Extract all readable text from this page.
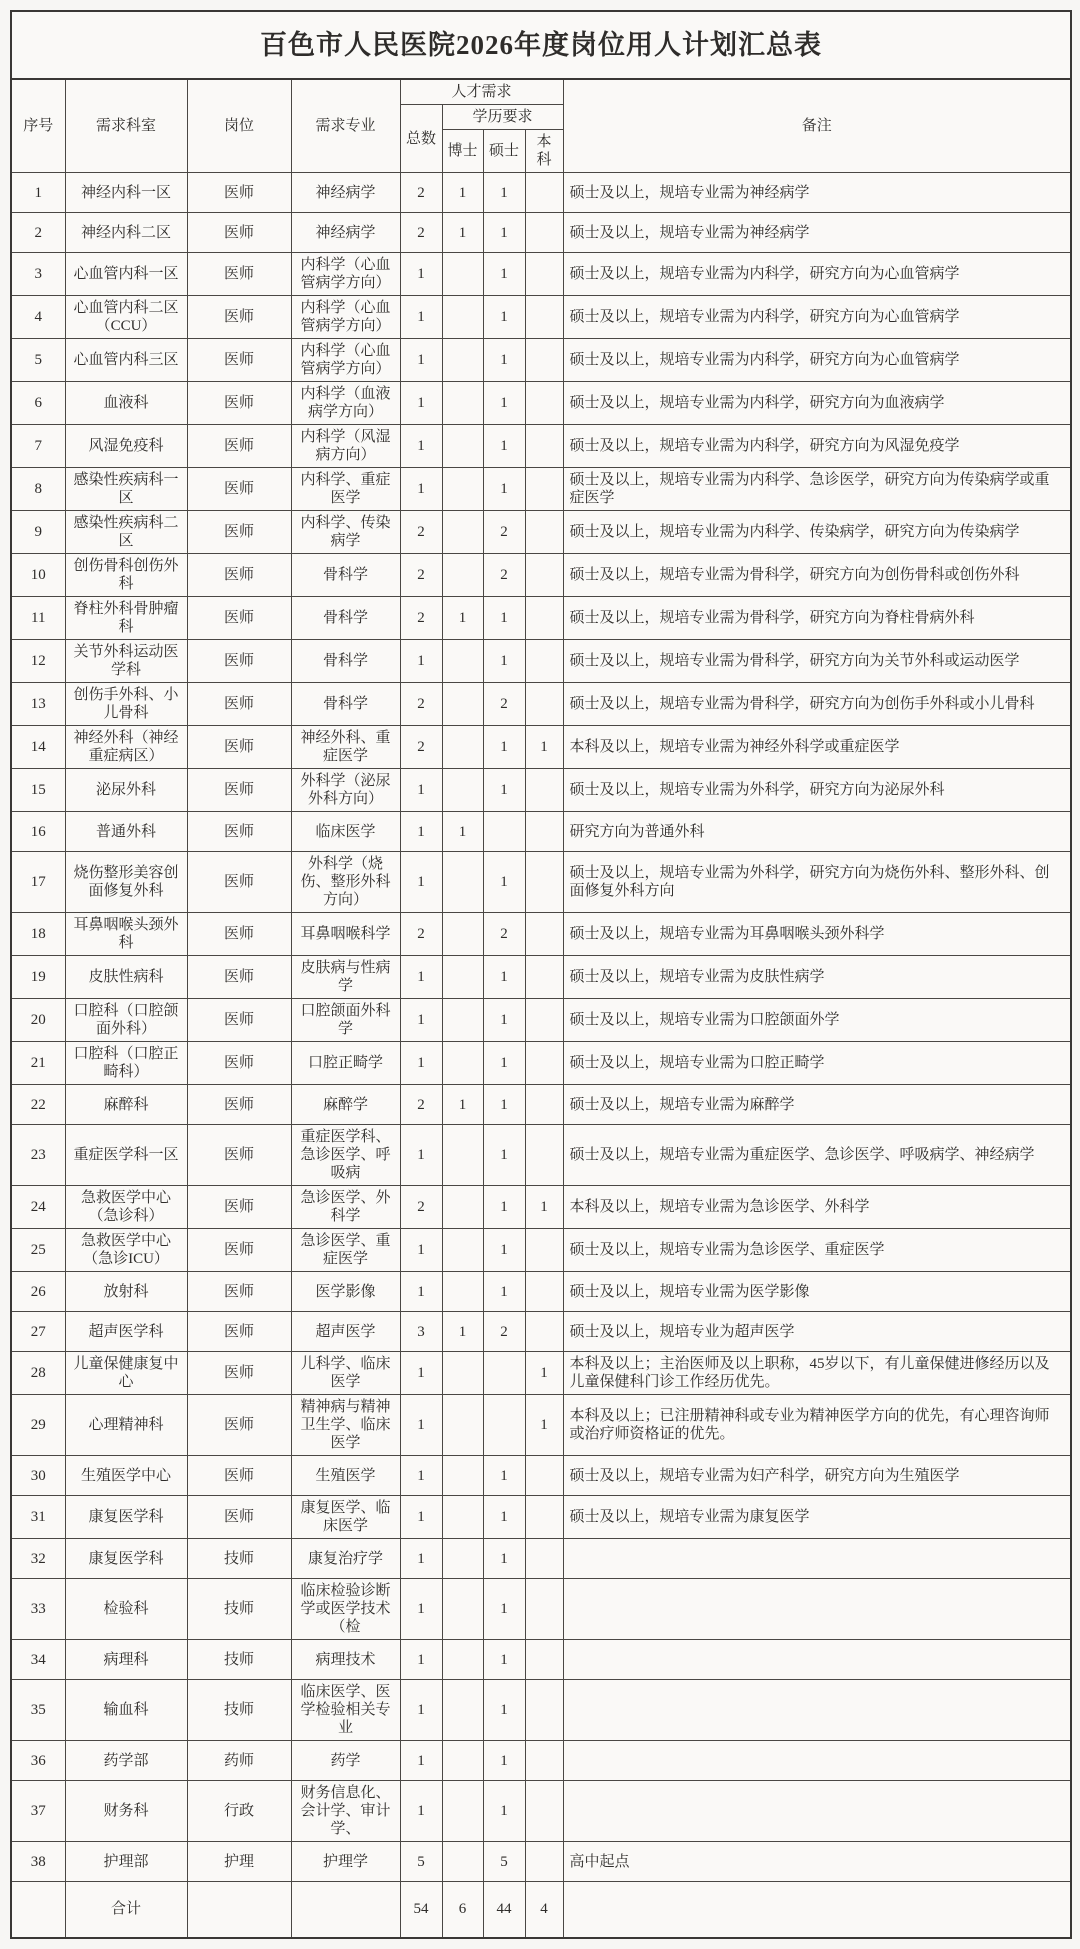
百色市人民医院2026年度岗位用人计划汇总表								
序号	需求科室	岗位	需求专业	人才需求				备注
				总数	学历要求			
					博士	硕士	本科	
1	神经内科一区	医师	神经病学	2	1	1		硕士及以上，规培专业需为神经病学
2	神经内科二区	医师	神经病学	2	1	1		硕士及以上，规培专业需为神经病学
3	心血管内科一区	医师	内科学（心血管病学方向）	1		1		硕士及以上，规培专业需为内科学，研究方向为心血管病学
4	心血管内科二区（CCU）	医师	内科学（心血管病学方向）	1		1		硕士及以上，规培专业需为内科学，研究方向为心血管病学
5	心血管内科三区	医师	内科学（心血管病学方向）	1		1		硕士及以上，规培专业需为内科学，研究方向为心血管病学
6	血液科	医师	内科学（血液病学方向）	1		1		硕士及以上，规培专业需为内科学，研究方向为血液病学
7	风湿免疫科	医师	内科学（风湿病方向）	1		1		硕士及以上，规培专业需为内科学，研究方向为风湿免疫学
8	感染性疾病科一区	医师	内科学、重症医学	1		1		硕士及以上，规培专业需为内科学、急诊医学，研究方向为传染病学或重症医学
9	感染性疾病科二区	医师	内科学、传染病学	2		2		硕士及以上，规培专业需为内科学、传染病学，研究方向为传染病学
10	创伤骨科创伤外科	医师	骨科学	2		2		硕士及以上，规培专业需为骨科学，研究方向为创伤骨科或创伤外科
11	脊柱外科骨肿瘤科	医师	骨科学	2	1	1		硕士及以上，规培专业需为骨科学，研究方向为脊柱骨病外科
12	关节外科运动医学科	医师	骨科学	1		1		硕士及以上，规培专业需为骨科学，研究方向为关节外科或运动医学
13	创伤手外科、小儿骨科	医师	骨科学	2		2		硕士及以上，规培专业需为骨科学，研究方向为创伤手外科或小儿骨科
14	神经外科（神经重症病区）	医师	神经外科、重症医学	2		1	1	本科及以上，规培专业需为神经外科学或重症医学
15	泌尿外科	医师	外科学（泌尿外科方向）	1		1		硕士及以上，规培专业需为外科学，研究方向为泌尿外科
16	普通外科	医师	临床医学	1	1			研究方向为普通外科
17	烧伤整形美容创面修复外科	医师	外科学（烧伤、整形外科方向）	1		1		硕士及以上，规培专业需为外科学，研究方向为烧伤外科、整形外科、创面修复外科方向
18	耳鼻咽喉头颈外科	医师	耳鼻咽喉科学	2		2		硕士及以上，规培专业需为耳鼻咽喉头颈外科学
19	皮肤性病科	医师	皮肤病与性病学	1		1		硕士及以上，规培专业需为皮肤性病学
20	口腔科（口腔颌面外科）	医师	口腔颌面外科学	1		1		硕士及以上，规培专业需为口腔颌面外学
21	口腔科（口腔正畸科）	医师	口腔正畸学	1		1		硕士及以上，规培专业需为口腔正畸学
22	麻醉科	医师	麻醉学	2	1	1		硕士及以上，规培专业需为麻醉学
23	重症医学科一区	医师	重症医学科、急诊医学、呼吸病	1		1		硕士及以上，规培专业需为重症医学、急诊医学、呼吸病学、神经病学
24	急救医学中心（急诊科）	医师	急诊医学、外科学	2		1	1	本科及以上，规培专业需为急诊医学、外科学
25	急救医学中心（急诊ICU）	医师	急诊医学、重症医学	1		1		硕士及以上，规培专业需为急诊医学、重症医学
26	放射科	医师	医学影像	1		1		硕士及以上，规培专业需为医学影像
27	超声医学科	医师	超声医学	3	1	2		硕士及以上，规培专业为超声医学
28	儿童保健康复中心	医师	儿科学、临床医学	1			1	本科及以上；主治医师及以上职称，45岁以下，有儿童保健进修经历以及儿童保健科门诊工作经历优先。
29	心理精神科	医师	精神病与精神卫生学、临床医学	1			1	本科及以上；已注册精神科或专业为精神医学方向的优先，有心理咨询师或治疗师资格证的优先。
30	生殖医学中心	医师	生殖医学	1		1		硕士及以上，规培专业需为妇产科学，研究方向为生殖医学
31	康复医学科	医师	康复医学、临床医学	1		1		硕士及以上，规培专业需为康复医学
32	康复医学科	技师	康复治疗学	1		1		
33	检验科	技师	临床检验诊断学或医学技术（检	1		1		
34	病理科	技师	病理技术	1		1		
35	输血科	技师	临床医学、医学检验相关专业	1		1		
36	药学部	药师	药学	1		1		
37	财务科	行政	财务信息化、会计学、审计学、	1		1		
38	护理部	护理	护理学	5		5		高中起点
	合计			54	6	44	4	
